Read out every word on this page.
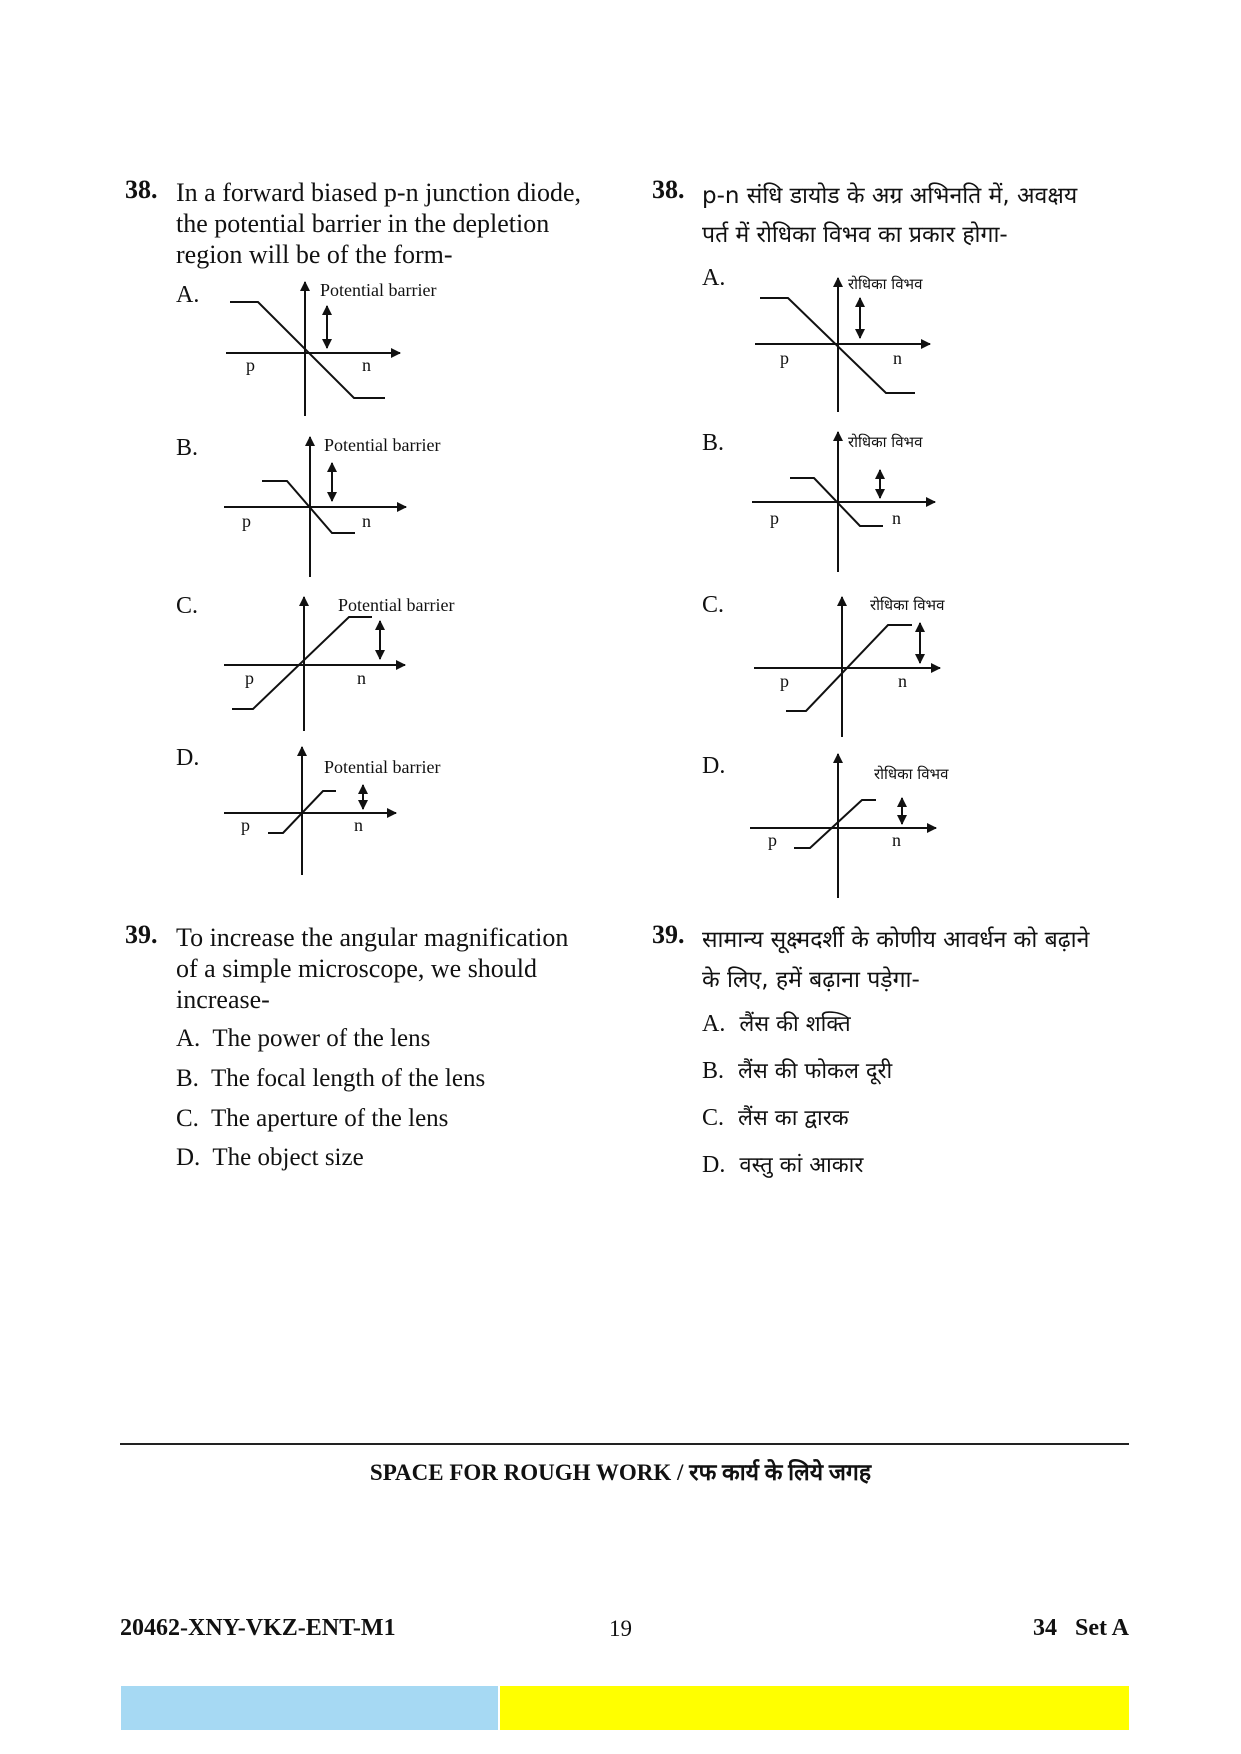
38. In a forward biased p-n junction diode,
the potential barrier in the depletion
region will be of the form-
A.	Potential barrier
p	n
B.	Potential barrier
p	n
C.	Potential barrier
p	n
D.	Potential barrier
p	n
38. p-n संधि डायोड के अग्र अभिनति में, अवक्षय
पर्त में रोधिका विभव का प्रकार होगा-
A.	रोधिका विभव
p	n
B.	रोधिका विभव
p	n
C.	रोधिका विभव
p	n
D.	रोधिका विभव
p	n
39. To increase the angular magnification
of a simple microscope, we should
increase-
A. The power of the lens
B. The focal length of the lens
C. The aperture of the lens
D. The object size
39. सामान्य सूक्ष्मदर्शी के कोणीय आवर्धन को बढ़ाने
के लिए, हमें बढ़ाना पड़ेगा-
A. लैंस की शक्ति
B. लैंस की फोकल दूरी
C. लैंस का द्वारक
D. वस्तु कां आकार
SPACE FOR ROUGH WORK / रफ कार्य के लिये जगह
20462-XNY-VKZ-ENT-M1	19	34   Set A
